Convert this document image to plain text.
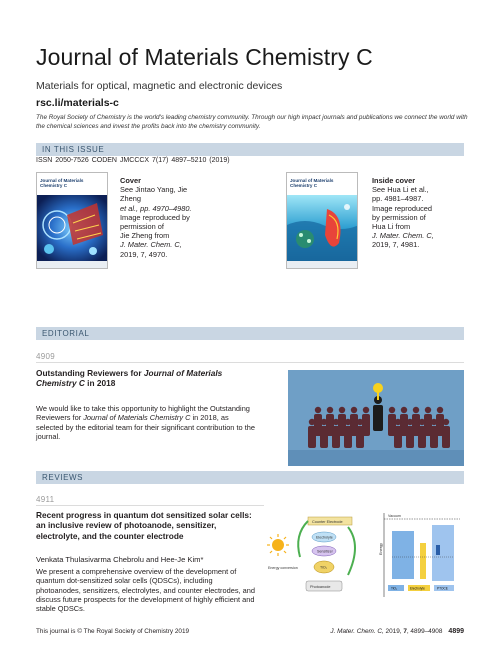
Journal of Materials Chemistry C
Materials for optical, magnetic and electronic devices
rsc.li/materials-c
The Royal Society of Chemistry is the world's leading chemistry community. Through our high impact journals and publications we connect the world with the chemical sciences and invest the profits back into the chemistry community.
IN THIS ISSUE
ISSN 2050-7526 CODEN JMCCCX 7(17) 4897–5210 (2019)
Journal of Materials Chemistry C
Cover
See Jintao Yang, Jie Zheng
et al., pp. 4970–4980.
Image reproduced by
permission of
Jie Zheng from
J. Mater. Chem. C,
2019, 7, 4970.
Journal of Materials Chemistry C
Inside cover
See Hua Li et al.,
pp. 4981–4987.
Image reproduced
by permission of
Hua Li from
J. Mater. Chem. C,
2019, 7, 4981.
EDITORIAL
4909
Outstanding Reviewers for Journal of Materials Chemistry C in 2018
We would like to take this opportunity to highlight the Outstanding Reviewers for Journal of Materials Chemistry C in 2018, as selected by the editorial team for their significant contribution to the journal.
REVIEWS
4911
Recent progress in quantum dot sensitized solar cells: an inclusive review of photoanode, sensitizer, electrolyte, and the counter electrode
Venkata Thulasivarma Chebrolu and Hee-Je Kim*
We present a comprehensive overview of the development of quantum dot-sensitized solar cells (QDSCs), including photoanodes, sensitizers, electrolytes, and counter electrodes, and discuss future prospects for the development of highly efficient and stable QDSCs.
Energy conversion
Counter Electrode
Electrolyte
Sensitizer
TiO₂
Photoanode
Energy
Vacuum
TiO₂	Electrolyte	PTOCE
This journal is © The Royal Society of Chemistry 2019	J. Mater. Chem. C, 2019, 7, 4899–4908 4899
